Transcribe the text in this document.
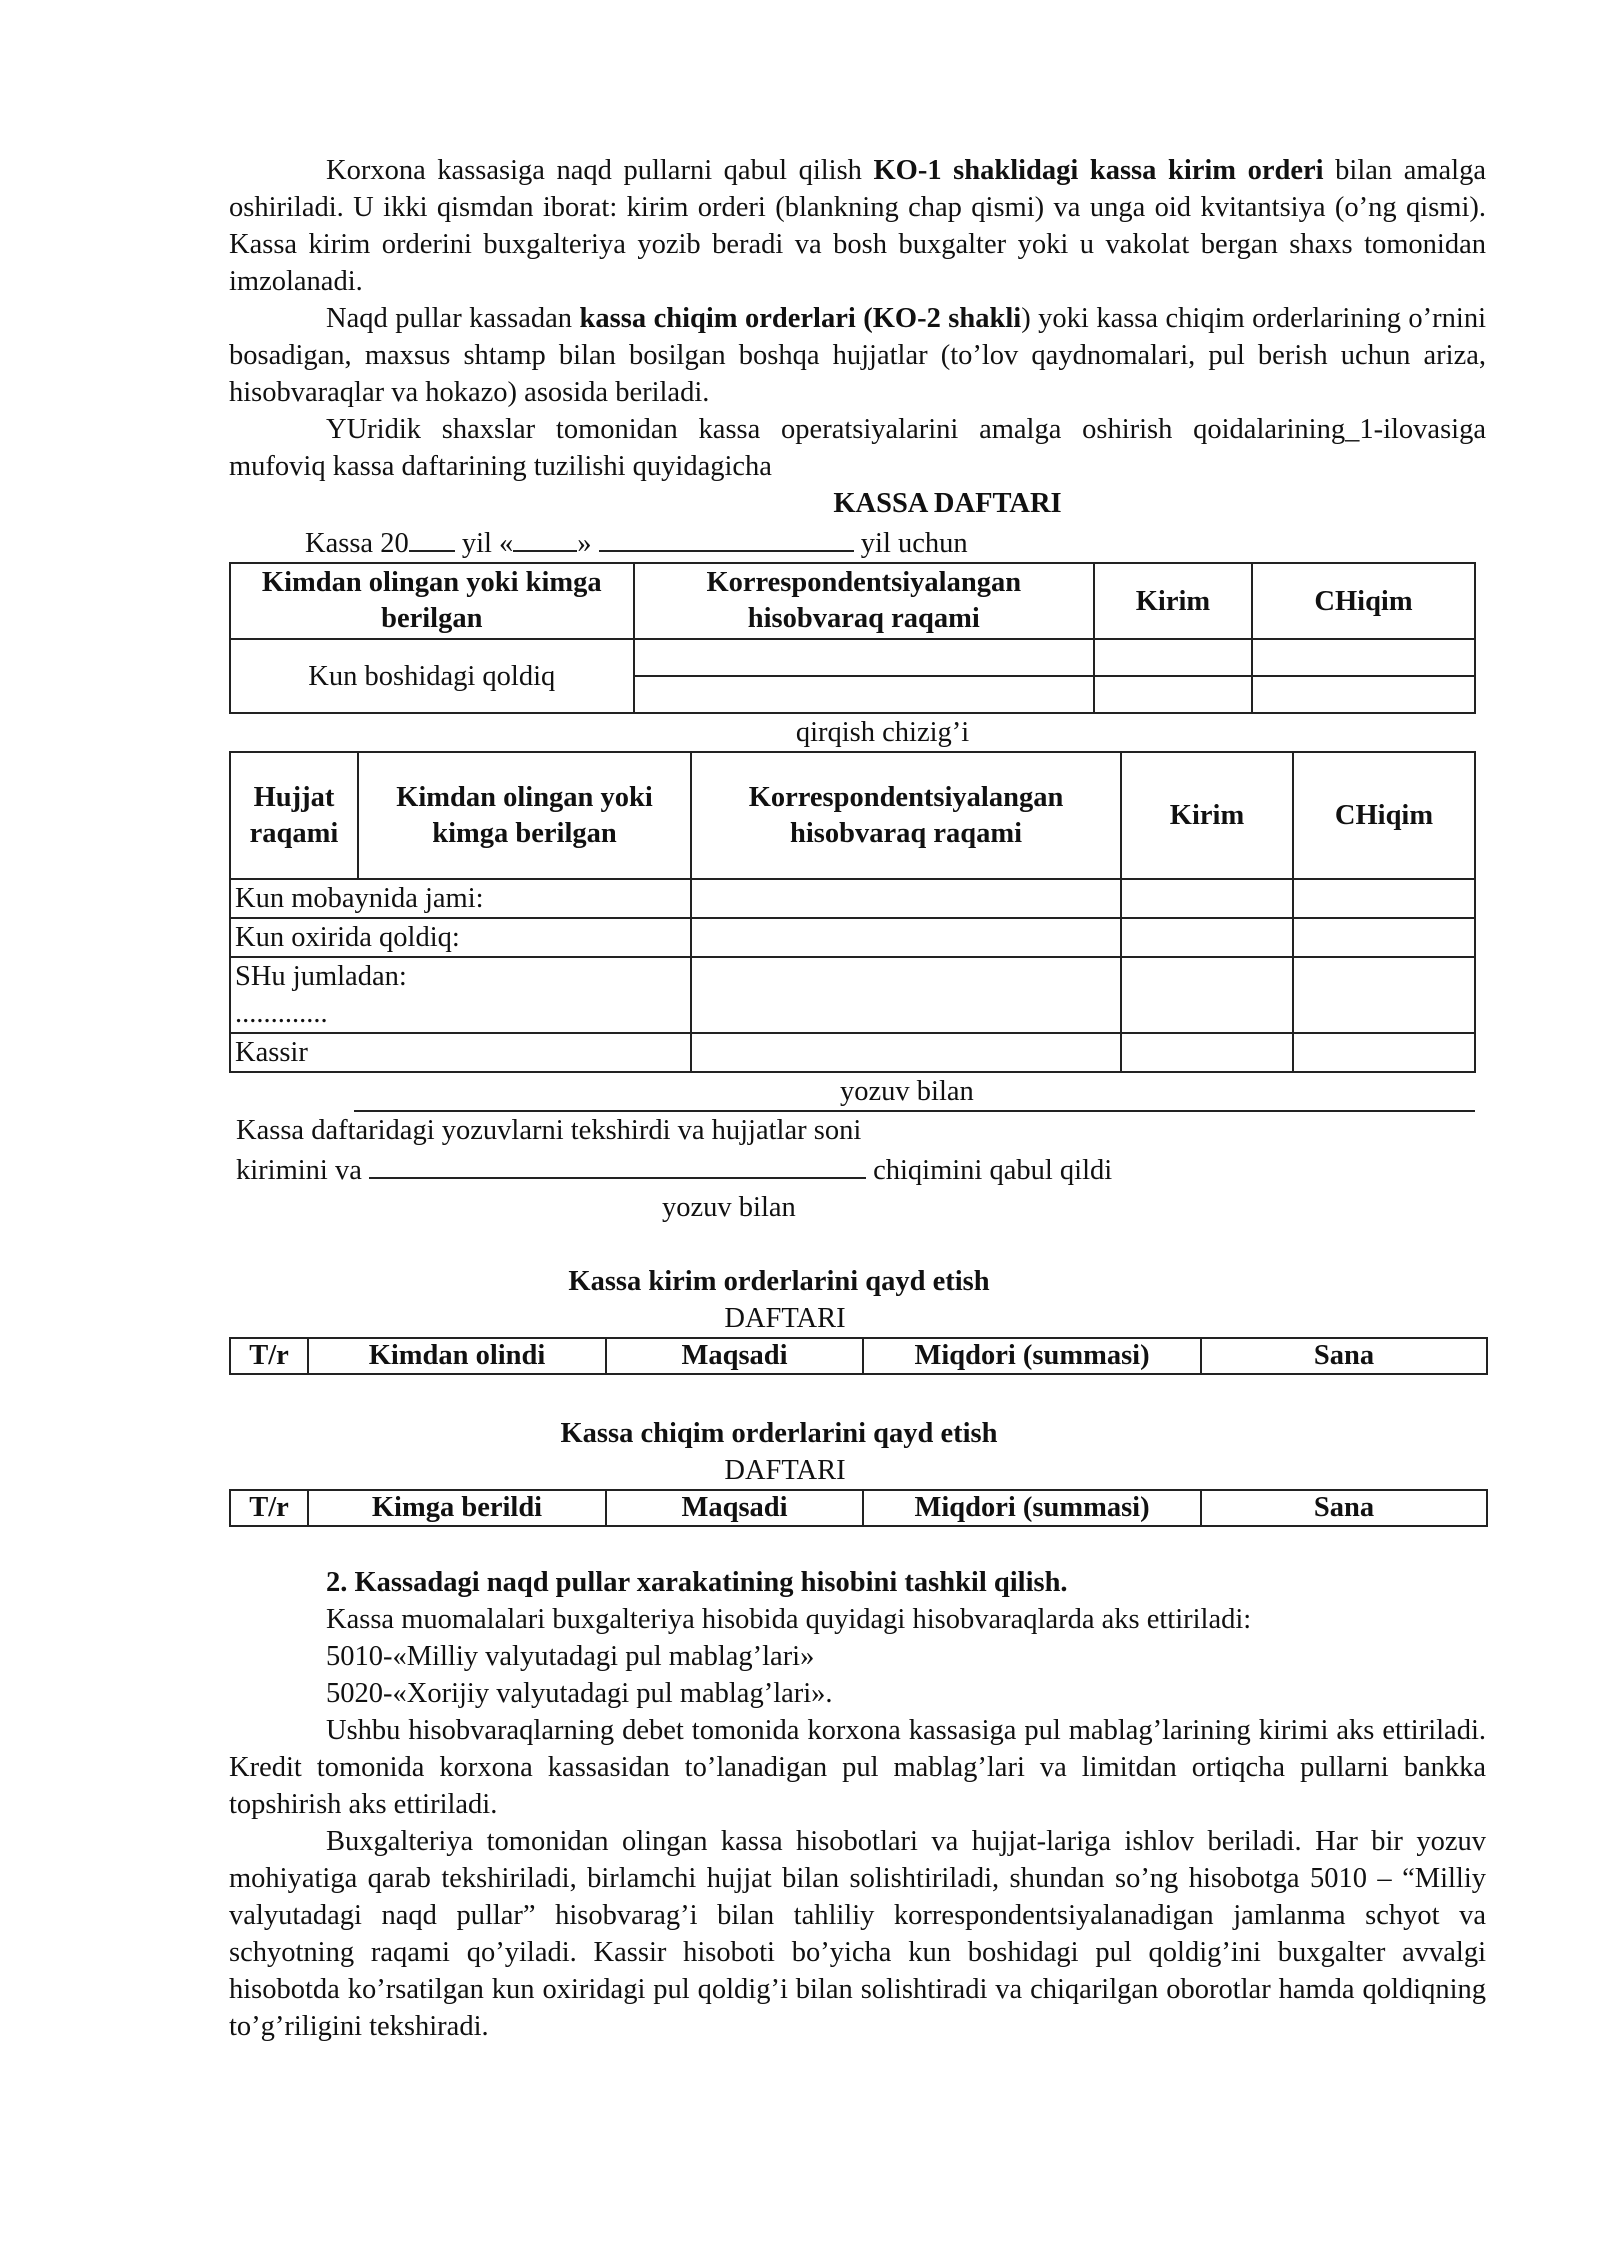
Korxona kassasiga naqd pullarni qabul qilish KO-1 shaklidagi kassa kirim orderi bilan amalga oshiriladi. U ikki qismdan iborat: kirim orderi (blankning chap qismi) va unga oid kvitantsiya (o’ng qismi). Kassa kirim orderini buxgalteriya yozib beradi va bosh buxgalter yoki u vakolat bergan shaxs tomonidan imzolanadi.

Naqd pullar kassadan kassa chiqim orderlari (KO-2 shakli) yoki kassa chiqim orderlarining o’rnini bosadigan, maxsus shtamp bilan bosilgan boshqa hujjatlar (to’lov qaydnomalari, pul berish uchun ariza, hisobvaraqlar va hokazo) asosida beriladi.

YUridik shaxslar tomonidan kassa operatsiyalarini amalga oshirish qoidalarining_1-ilovasiga mufoviq kassa daftarining tuzilishi quyidagicha

KASSA DAFTARI
Kassa 20 yil « »	yil uchun
Kimdan olingan yoki kimga berilgan	Korrespondentsiyalangan hisobvaraq raqami	Kirim	CHiqim
Kun boshidagi qoldiq			

qirqish chizig’i
Hujjat raqami	Kimdan olingan yoki kimga berilgan	Korrespondentsiyalangan hisobvaraq raqami	Kirim	CHiqim
Kun mobaynida jami:				
Kun oxirida qoldiq:				

SHu jumladan:
.............				

Kassir				
yozuv bilan
Kassa daftaridagi yozuvlarni tekshirdi va hujjatlar soni
kirimini va	chiqimini qabul qildi
yozuv bilan
Kassa kirim orderlarini qayd etish
DAFTARI
T/r	Kimdan olindi	Maqsadi	Miqdori (summasi)	Sana
Kassa chiqim orderlarini qayd etish
DAFTARI
T/r	Kimga berildi	Maqsadi	Miqdori (summasi)	Sana
2. Kassadagi naqd pullar xarakatining hisobini tashkil qilish.
Kassa muomalalari buxgalteriya hisobida quyidagi hisobvaraqlarda aks ettiriladi:
5010-«Milliy valyutadagi pul mablag’lari»
5020-«Xorijiy valyutadagi pul mablag’lari».

Ushbu hisobvaraqlarning debet tomonida korxona kassasiga pul mablag’larining kirimi aks ettiriladi. Kredit tomonida korxona kassasidan to’lanadigan pul mablag’lari va limitdan ortiqcha pullarni bankka topshirish aks ettiriladi.

Buxgalteriya tomonidan olingan kassa hisobotlari va hujjat-lariga ishlov beriladi. Har bir yozuv mohiyatiga qarab tekshiriladi, birlamchi hujjat bilan solishtiriladi, shundan so’ng hisobotga 5010 – “Milliy valyutadagi naqd pullar” hisobvarag’i bilan tahliliy korrespondentsiyalanadigan jamlanma schyot va schyotning raqami qo’yiladi. Kassir hisoboti bo’yicha kun boshidagi pul qoldig’ini buxgalter avvalgi hisobotda ko’rsatilgan kun oxiridagi pul qoldig’i bilan solishtiradi va chiqarilgan oborotlar hamda qoldiqning to’g’riligini tekshiradi.
